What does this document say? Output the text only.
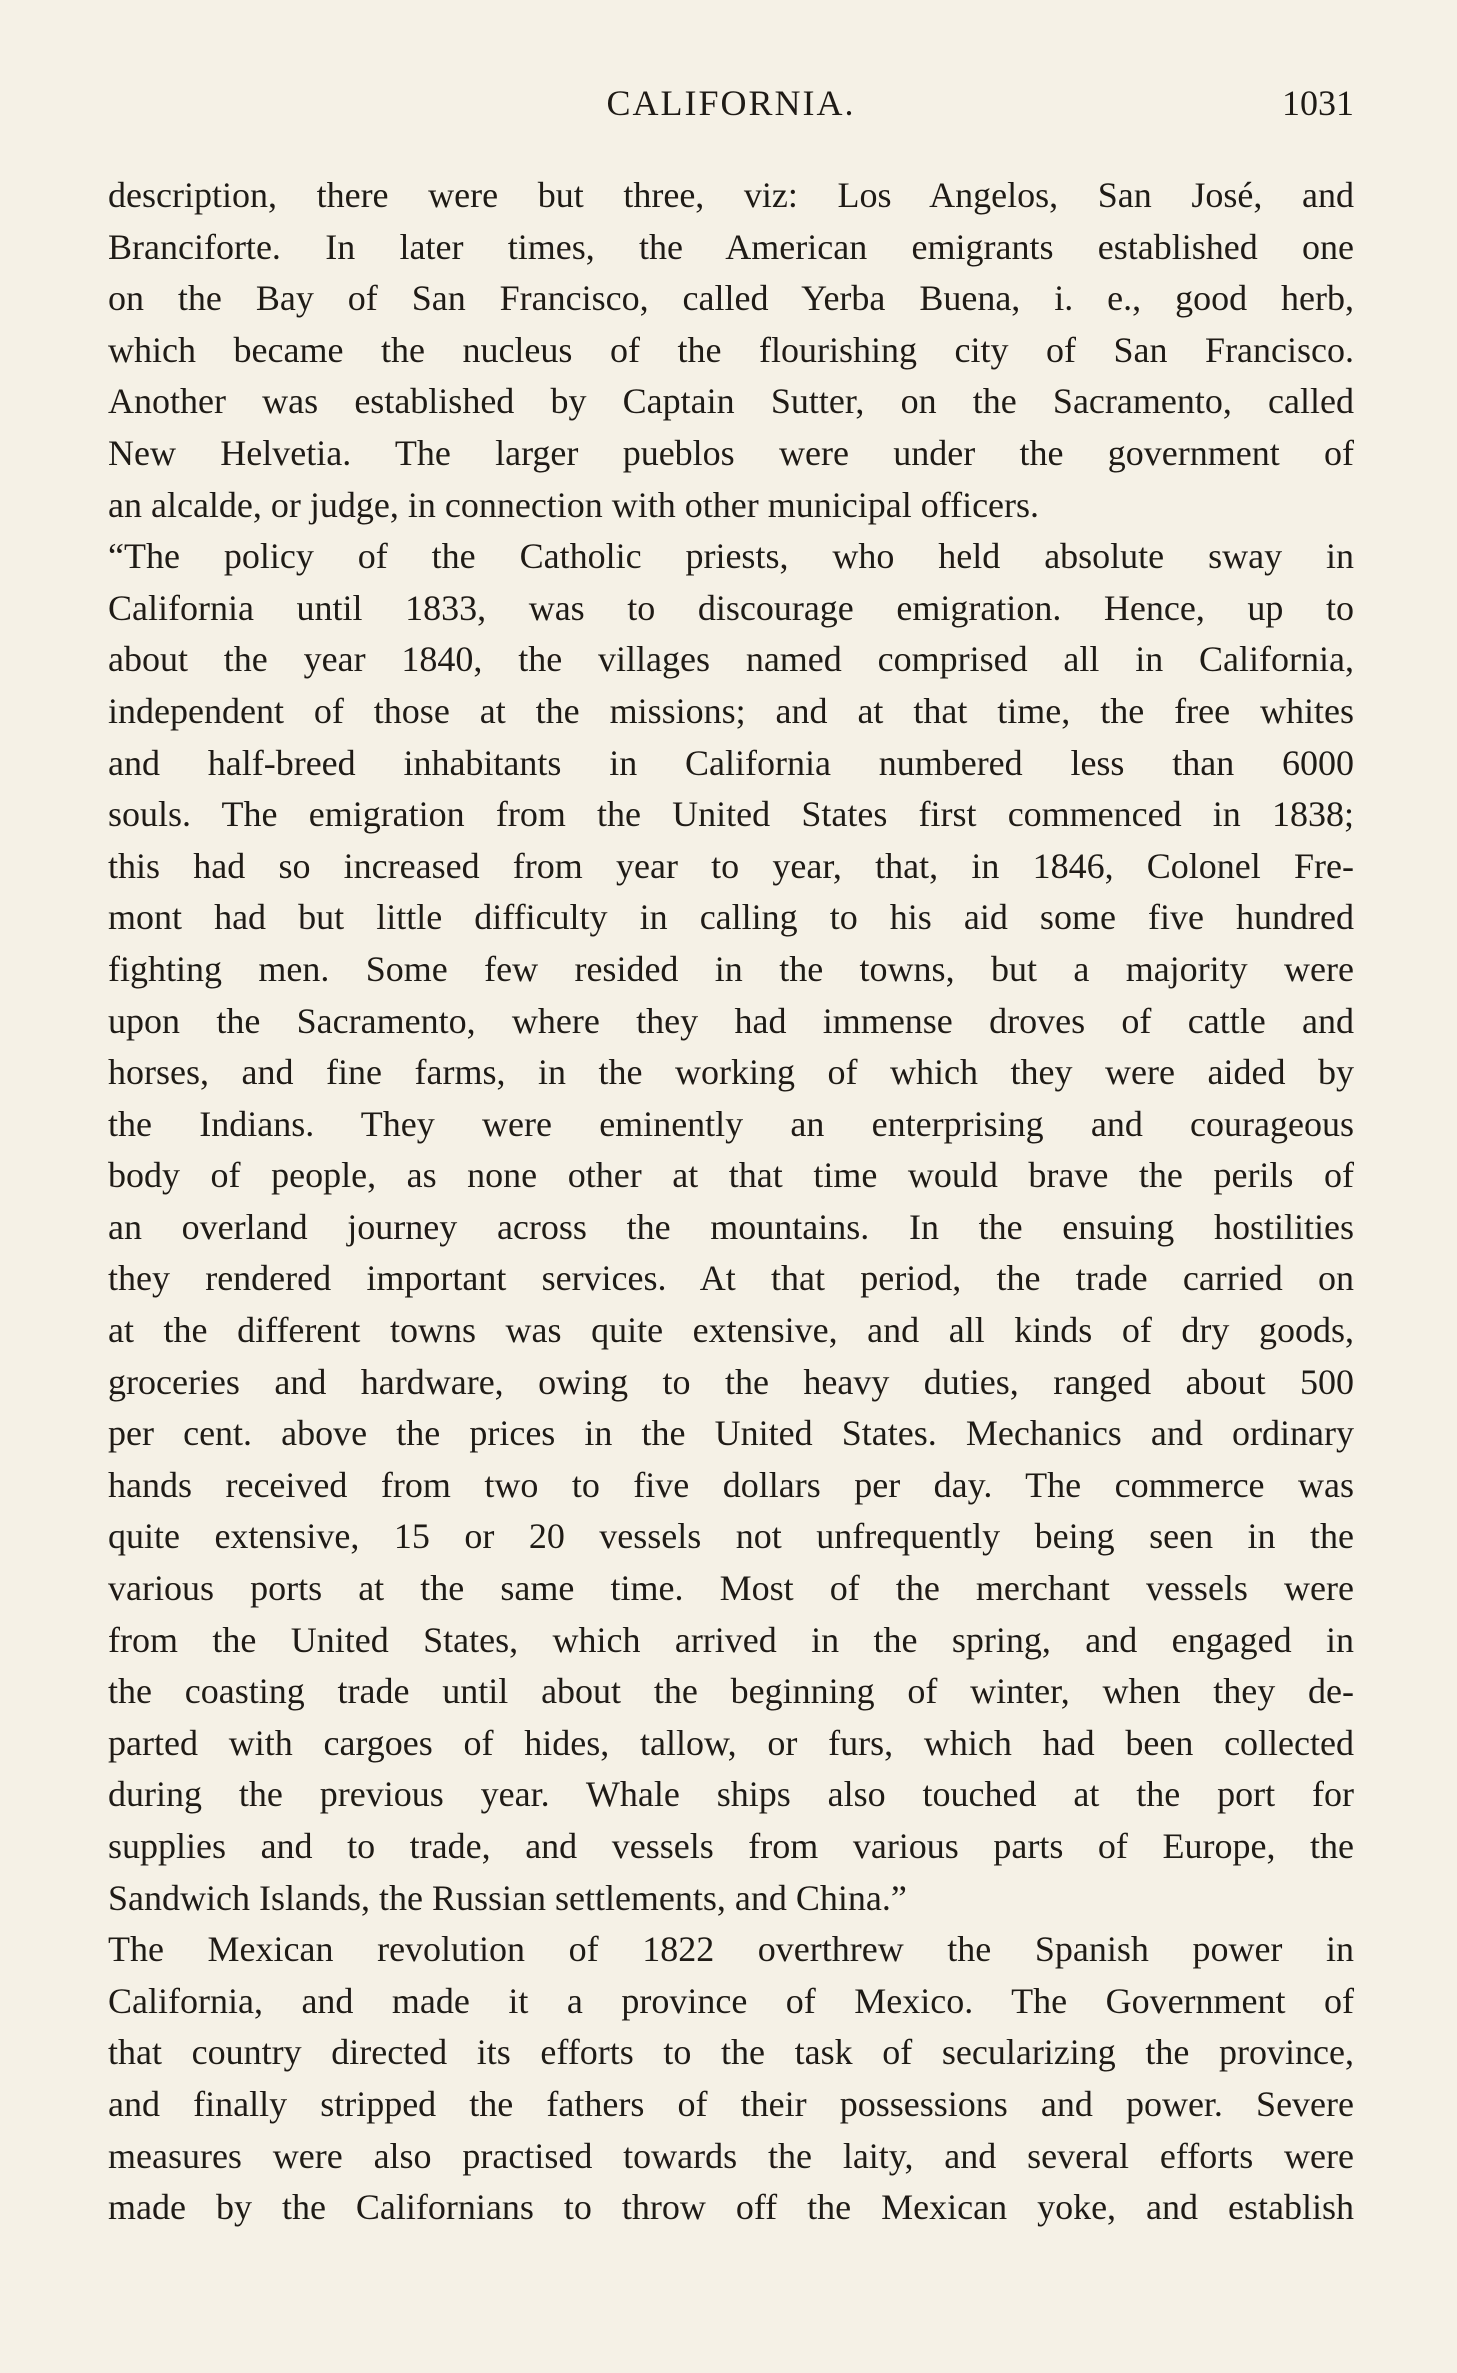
CALIFORNIA.	1031
description, there were but three, viz: Los Angelos, San José, and
Branciforte. In later times, the American emigrants established one
on the Bay of San Francisco, called Yerba Buena, i. e., good herb,
which became the nucleus of the flourishing city of San Francisco.
Another was established by Captain Sutter, on the Sacramento, called
New Helvetia. The larger pueblos were under the government of
an alcalde, or judge, in connection with other municipal officers.
“The policy of the Catholic priests, who held absolute sway in
California until 1833, was to discourage emigration. Hence, up to
about the year 1840, the villages named comprised all in California,
independent of those at the missions; and at that time, the free whites
and half-breed inhabitants in California numbered less than 6000
souls. The emigration from the United States first commenced in 1838;
this had so increased from year to year, that, in 1846, Colonel Fre-
mont had but little difficulty in calling to his aid some five hundred
fighting men. Some few resided in the towns, but a majority were
upon the Sacramento, where they had immense droves of cattle and
horses, and fine farms, in the working of which they were aided by
the Indians. They were eminently an enterprising and courageous
body of people, as none other at that time would brave the perils of
an overland journey across the mountains. In the ensuing hostilities
they rendered important services. At that period, the trade carried on
at the different towns was quite extensive, and all kinds of dry goods,
groceries and hardware, owing to the heavy duties, ranged about 500
per cent. above the prices in the United States. Mechanics and ordinary
hands received from two to five dollars per day. The commerce was
quite extensive, 15 or 20 vessels not unfrequently being seen in the
various ports at the same time. Most of the merchant vessels were
from the United States, which arrived in the spring, and engaged in
the coasting trade until about the beginning of winter, when they de-
parted with cargoes of hides, tallow, or furs, which had been collected
during the previous year. Whale ships also touched at the port for
supplies and to trade, and vessels from various parts of Europe, the
Sandwich Islands, the Russian settlements, and China.”
The Mexican revolution of 1822 overthrew the Spanish power in
California, and made it a province of Mexico. The Government of
that country directed its efforts to the task of secularizing the province,
and finally stripped the fathers of their possessions and power. Severe
measures were also practised towards the laity, and several efforts were
made by the Californians to throw off the Mexican yoke, and establish
